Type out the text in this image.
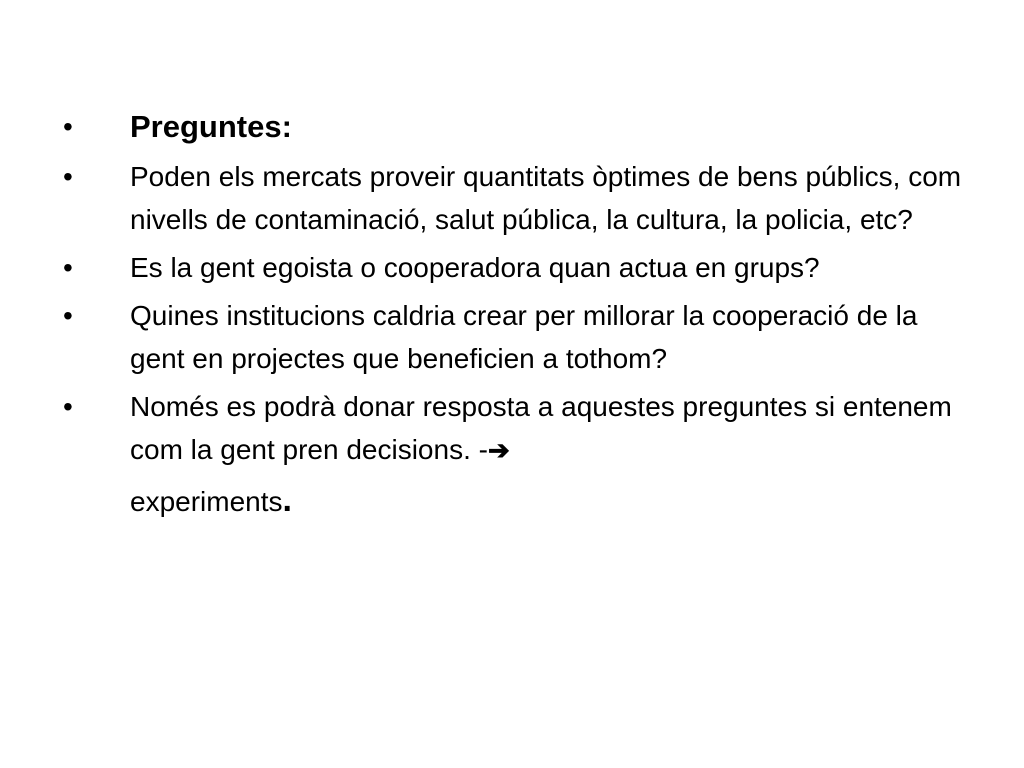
•	Preguntes:
•	Poden els mercats proveir quantitats òptimes de bens públics, com nivells de contaminació, salut pública, la cultura, la policia, etc?
•	Es la gent egoista o cooperadora quan actua en grups?
•	Quines institucions caldria crear per millorar la cooperació de la gent en projectes que beneficien a tothom?
•	Només es podrà donar resposta a aquestes preguntes si entenem com la gent pren decisions. -➔
experiments.
